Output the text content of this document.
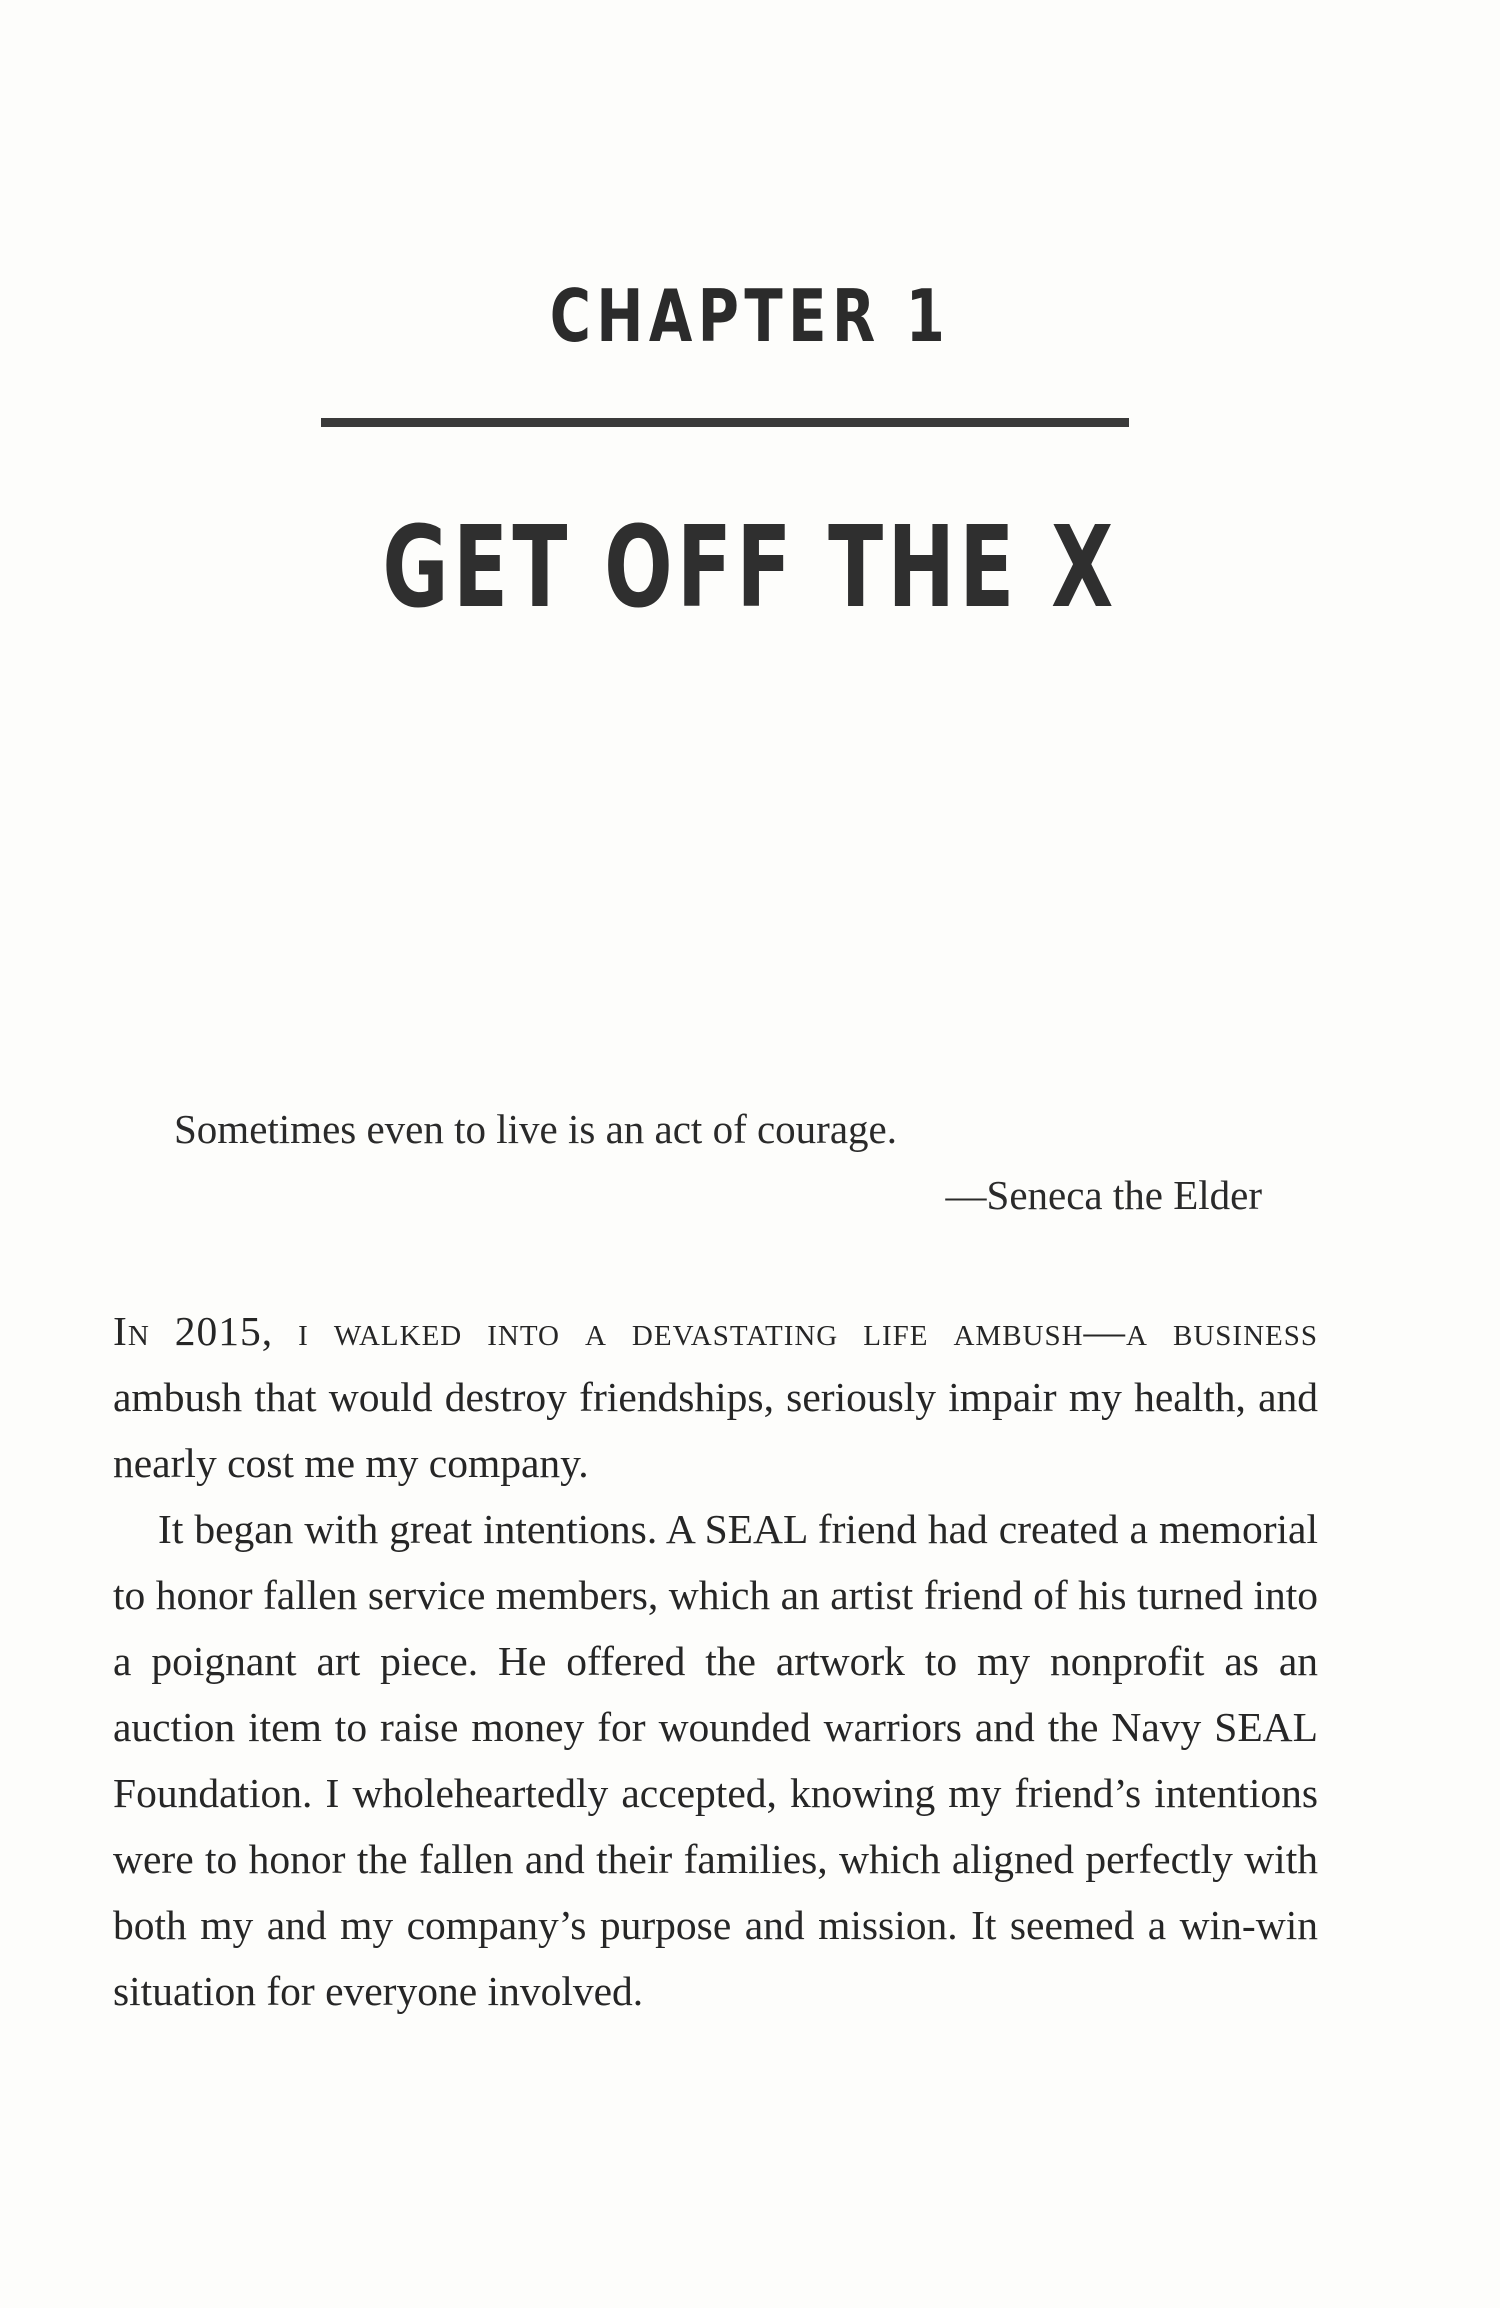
CHAPTER 1
GET OFF THE X
Sometimes even to live is an act of courage.
—Seneca the Elder

In 2015, i walked into a devastating life ambush—a business ambush that would destroy friendships, seriously impair my health, and nearly cost me my company.

It began with great intentions. A SEAL friend had created a memorial to honor fallen service members, which an artist friend of his turned into a poignant art piece. He offered the artwork to my nonprofit as an auction item to raise money for wounded warriors and the Navy SEAL Foundation. I wholeheartedly accepted, knowing my friend’s intentions were to honor the fallen and their families, which aligned perfectly with both my and my company’s purpose and mission. It seemed a win-win situation for everyone involved.
